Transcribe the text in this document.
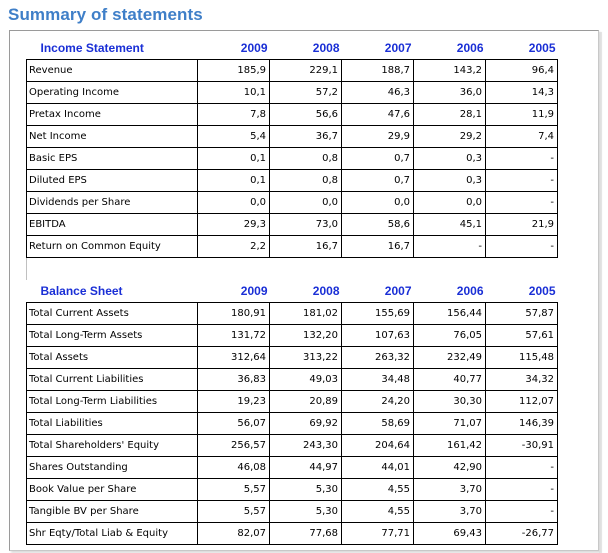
Summary of statements
Income Statement	2009	2008	2007	2006	2005
Revenue	185,9	229,1	188,7	143,2	96,4
Operating Income	10,1	57,2	46,3	36,0	14,3
Pretax Income	7,8	56,6	47,6	28,1	11,9
Net Income	5,4	36,7	29,9	29,2	7,4
Basic EPS	0,1	0,8	0,7	0,3	-
Diluted EPS	0,1	0,8	0,7	0,3	-
Dividends per Share	0,0	0,0	0,0	0,0	-
EBITDA	29,3	73,0	58,6	45,1	21,9
Return on Common Equity	2,2	16,7	16,7	-	-

Balance Sheet	2009	2008	2007	2006	2005
Total Current Assets	180,91	181,02	155,69	156,44	57,87
Total Long-Term Assets	131,72	132,20	107,63	76,05	57,61
Total Assets	312,64	313,22	263,32	232,49	115,48
Total Current Liabilities	36,83	49,03	34,48	40,77	34,32
Total Long-Term Liabilities	19,23	20,89	24,20	30,30	112,07
Total Liabilities	56,07	69,92	58,69	71,07	146,39
Total Shareholders' Equity	256,57	243,30	204,64	161,42	-30,91
Shares Outstanding	46,08	44,97	44,01	42,90	-
Book Value per Share	5,57	5,30	4,55	3,70	-
Tangible BV per Share	5,57	5,30	4,55	3,70	-
Shr Eqty/Total Liab & Equity	82,07	77,68	77,71	69,43	-26,77
